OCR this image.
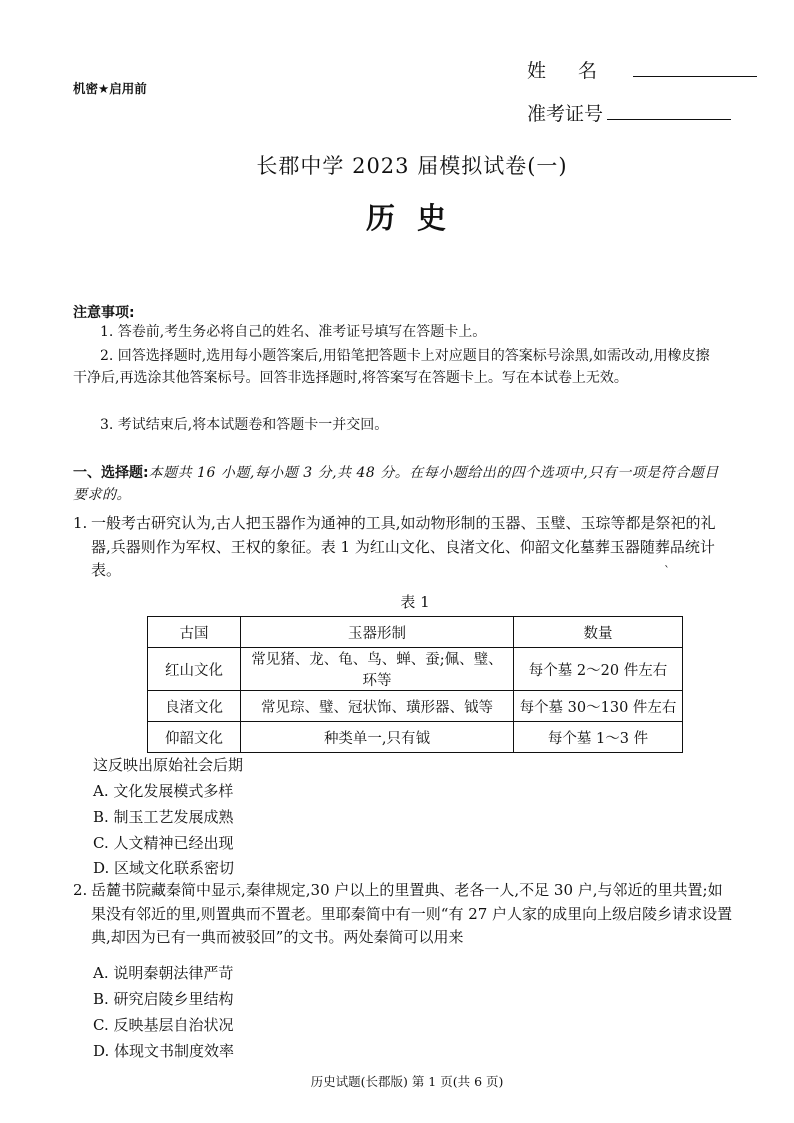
机密★启用前
姓名
准考证号
长郡中学 2023 届模拟试卷(一)
历史
注意事项:
1. 答卷前,考生务必将自己的姓名、准考证号填写在答题卡上。
2. 回答选择题时,选用每小题答案后,用铅笔把答题卡上对应题目的答案标号涂黑,如需改动,用橡皮擦干净后,再选涂其他答案标号。回答非选择题时,将答案写在答题卡上。写在本试卷上无效。
3. 考试结束后,将本试题卷和答题卡一并交回。
一、选择题:本题共 16 小题,每小题 3 分,共 48 分。在每小题给出的四个选项中,只有一项是符合题目要求的。
1. 一般考古研究认为,古人把玉器作为通神的工具,如动物形制的玉器、玉璧、玉琮等都是祭祀的礼器,兵器则作为军权、王权的象征。表 1 为红山文化、良渚文化、仰韶文化墓葬玉器随葬品统计表。	ˋ
表 1
古国	玉器形制	数量
红山文化	常见猪、龙、龟、鸟、蝉、蚕;佩、璧、环等	每个墓 2～20 件左右
良渚文化	常见琮、璧、冠状饰、璜形器、钺等	每个墓 30～130 件左右
仰韶文化	种类单一,只有钺	每个墓 1～3 件
这反映出原始社会后期
A. 文化发展模式多样
B. 制玉工艺发展成熟
C. 人文精神已经出现
D. 区域文化联系密切
2. 岳麓书院藏秦简中显示,秦律规定,30 户以上的里置典、老各一人,不足 30 户,与邻近的里共置;如果没有邻近的里,则置典而不置老。里耶秦简中有一则“有 27 户人家的成里向上级启陵乡请求设置典,却因为已有一典而被驳回”的文书。两处秦简可以用来
A. 说明秦朝法律严苛
B. 研究启陵乡里结构
C. 反映基层自治状况
D. 体现文书制度效率
历史试题(长郡版) 第 1 页(共 6 页)
